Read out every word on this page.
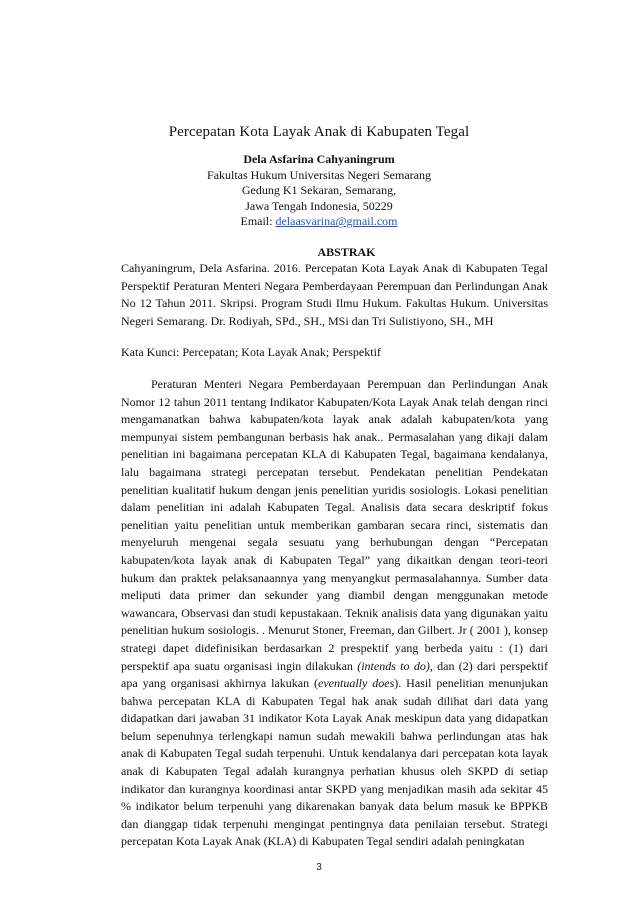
Percepatan Kota Layak Anak di Kabupaten Tegal
Dela Asfarina Cahyaningrum
Fakultas Hukum Universitas Negeri Semarang
Gedung K1 Sekaran, Semarang,
Jawa Tengah Indonesia, 50229
Email: delaasvarina@gmail.com
ABSTRAK
Cahyaningrum, Dela Asfarina. 2016. Percepatan Kota Layak Anak di Kabupaten Tegal Perspektif Peraturan Menteri Negara Pemberdayaan Perempuan dan Perlindungan Anak No 12 Tahun 2011. Skripsi. Program Studi Ilmu Hukum. Fakultas Hukum. Universitas Negeri Semarang. Dr. Rodiyah, SPd., SH., MSi dan Tri Sulistiyono, SH., MH
Kata Kunci: Percepatan; Kota Layak Anak; Perspektif
Peraturan Menteri Negara Pemberdayaan Perempuan dan Perlindungan Anak Nomor 12 tahun 2011 tentang Indikator Kabupaten/Kota Layak Anak telah dengan rinci mengamanatkan bahwa kabupaten/kota layak anak adalah kabupaten/kota yang mempunyai sistem pembangunan berbasis hak anak.. Permasalahan yang dikaji dalam penelitian ini bagaimana percepatan KLA di Kabupaten Tegal, bagaimana kendalanya, lalu bagaimana strategi percepatan tersebut. Pendekatan penelitian Pendekatan penelitian kualitatif hukum dengan jenis penelitian yuridis sosiologis. Lokasi penelitian dalam penelitian ini adalah Kabupaten Tegal. Analisis data secara deskriptif fokus penelitian yaitu penelitian untuk memberikan gambaran secara rinci, sistematis dan menyeluruh mengenai segala sesuatu yang berhubungan dengan “Percepatan kabupaten/kota layak anak di Kabupaten Tegal” yang dikaitkan dengan teori-teori hukum dan praktek pelaksanaannya yang menyangkut permasalahannya. Sumber data meliputi data primer dan sekunder yang diambil dengan menggunakan metode wawancara, Observasi dan studi kepustakaan. Teknik analisis data yang digunakan yaitu penelitian hukum sosiologis. . Menurut Stoner, Freeman, dan Gilbert. Jr ( 2001 ), konsep strategi dapet didefinisikan berdasarkan 2 prespektif yang berbeda yaitu : (1) dari perspektif apa suatu organisasi ingin dilakukan (intends to do), dan (2) dari perspektif apa yang organisasi akhirnya lakukan (eventually does). Hasil penelitian menunjukan bahwa percepatan KLA di Kabupaten Tegal hak anak sudah dilihat dari data yang didapatkan dari jawaban 31 indikator Kota Layak Anak meskipun data yang didapatkan belum sepenuhnya terlengkapi namun sudah mewakili bahwa perlindungan atas hak anak di Kabupaten Tegal sudah terpenuhi. Untuk kendalanya dari percepatan kota layak anak di Kabupaten Tegal adalah kurangnya perhatian khusus oleh SKPD di setiap indikator dan kurangnya koordinasi antar SKPD yang menjadikan masih ada sekitar 45 % indikator belum terpenuhi yang dikarenakan banyak data belum masuk ke BPPKB dan dianggap tidak terpenuhi mengingat pentingnya data penilaian tersebut. Strategi percepatan Kota Layak Anak (KLA) di Kabupaten Tegal sendiri adalah peningkatan
3
